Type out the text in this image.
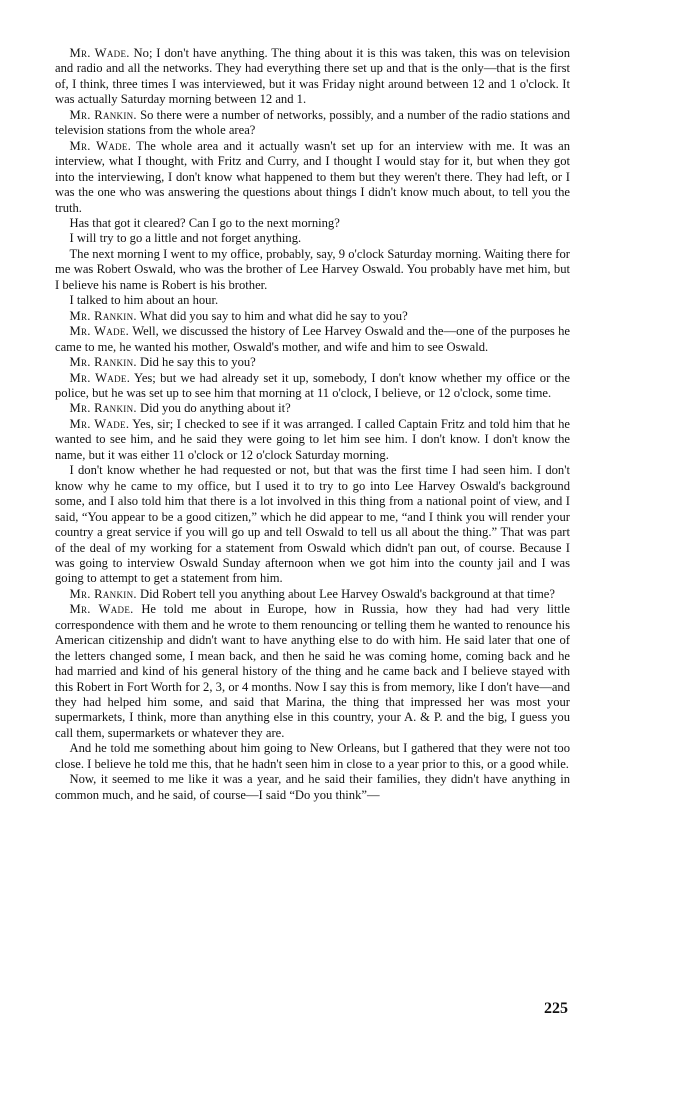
Mr. Wade. No; I don't have anything. The thing about it is this was taken, this was on television and radio and all the networks. They had everything there set up and that is the only—that is the first of, I think, three times I was interviewed, but it was Friday night around between 12 and 1 o'clock. It was actually Saturday morning between 12 and 1.

Mr. Rankin. So there were a number of networks, possibly, and a number of the radio stations and television stations from the whole area?

Mr. Wade. The whole area and it actually wasn't set up for an interview with me. It was an interview, what I thought, with Fritz and Curry, and I thought I would stay for it, but when they got into the interviewing, I don't know what happened to them but they weren't there. They had left, or I was the one who was answering the questions about things I didn't know much about, to tell you the truth.

Has that got it cleared? Can I go to the next morning?

I will try to go a little and not forget anything.

The next morning I went to my office, probably, say, 9 o'clock Saturday morning. Waiting there for me was Robert Oswald, who was the brother of Lee Harvey Oswald. You probably have met him, but I believe his name is Robert is his brother.

I talked to him about an hour.

Mr. Rankin. What did you say to him and what did he say to you?

Mr. Wade. Well, we discussed the history of Lee Harvey Oswald and the—one of the purposes he came to me, he wanted his mother, Oswald's mother, and wife and him to see Oswald.

Mr. Rankin. Did he say this to you?

Mr. Wade. Yes; but we had already set it up, somebody, I don't know whether my office or the police, but he was set up to see him that morning at 11 o'clock, I believe, or 12 o'clock, some time.

Mr. Rankin. Did you do anything about it?

Mr. Wade. Yes, sir; I checked to see if it was arranged. I called Captain Fritz and told him that he wanted to see him, and he said they were going to let him see him. I don't know. I don't know the name, but it was either 11 o'clock or 12 o'clock Saturday morning.

I don't know whether he had requested or not, but that was the first time I had seen him. I don't know why he came to my office, but I used it to try to go into Lee Harvey Oswald's background some, and I also told him that there is a lot involved in this thing from a national point of view, and I said, “You appear to be a good citizen,” which he did appear to me, “and I think you will render your country a great service if you will go up and tell Oswald to tell us all about the thing.” That was part of the deal of my working for a statement from Oswald which didn't pan out, of course. Because I was going to interview Oswald Sunday afternoon when we got him into the county jail and I was going to attempt to get a statement from him.

Mr. Rankin. Did Robert tell you anything about Lee Harvey Oswald's background at that time?

Mr. Wade. He told me about in Europe, how in Russia, how they had had very little correspondence with them and he wrote to them renouncing or telling them he wanted to renounce his American citizenship and didn't want to have anything else to do with him. He said later that one of the letters changed some, I mean back, and then he said he was coming home, coming back and he had married and kind of his general history of the thing and he came back and I believe stayed with this Robert in Fort Worth for 2, 3, or 4 months. Now I say this is from memory, like I don't have—and they had helped him some, and said that Marina, the thing that impressed her was most your supermarkets, I think, more than anything else in this country, your A. & P. and the big, I guess you call them, supermarkets or whatever they are.

And he told me something about him going to New Orleans, but I gathered that they were not too close. I believe he told me this, that he hadn't seen him in close to a year prior to this, or a good while.

Now, it seemed to me like it was a year, and he said their families, they didn't have anything in common much, and he said, of course—I said “Do you think”—

225
